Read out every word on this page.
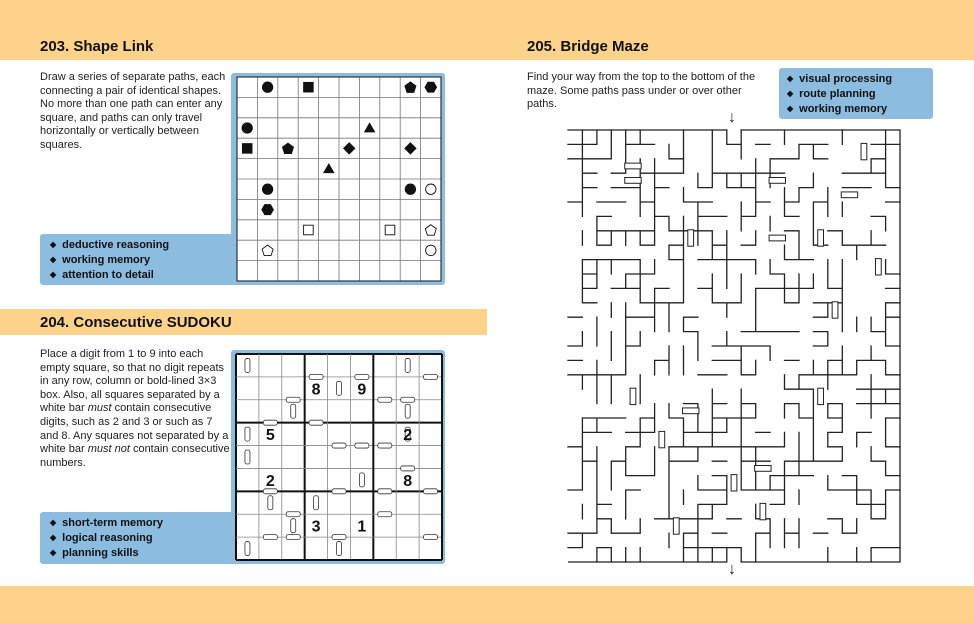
203. Shape Link
Draw a series of separate paths, each connecting a pair of identical shapes. No more than one path can enter any square, and paths can only travel horizontally or vertically between squares.
◆ deductive reasoning
◆ working memory
◆ attention to detail
204. Consecutive SUDOKU
Place a digit from 1 to 9 into each empty square, so that no digit repeats in any row, column or bold-lined 3×3 box. Also, all squares separated by a white bar must contain consecutive digits, such as 2 and 3 or such as 7 and 8. Any squares not separated by a white bar must not contain consecutive numbers.
◆ short-term memory
◆ logical reasoning
◆ planning skills
8 9
5	2
2	8
3 1
205. Bridge Maze
Find your way from the top to the bottom of the maze. Some paths pass under or over other paths.
◆ visual processing
◆ route planning
◆ working memory
↓
↓
